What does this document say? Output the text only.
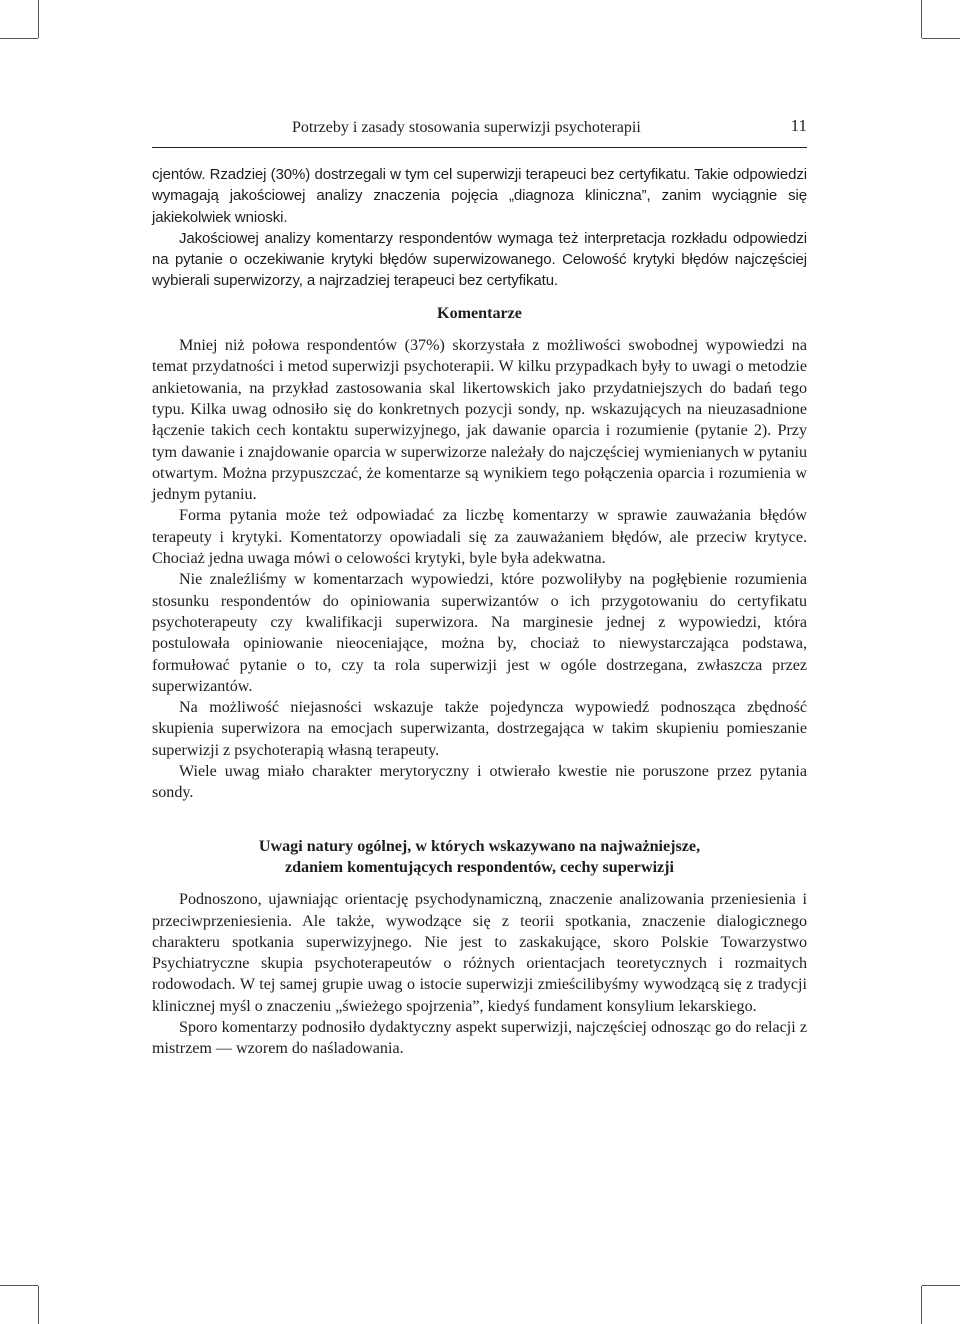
Potrzeby i zasady stosowania superwizji psychoterapii	11

cjentów. Rzadziej (30%) dostrzegali w tym cel superwizji terapeuci bez certyfikatu. Takie odpowiedzi wymagają jakościowej analizy znaczenia pojęcia „diagnoza kliniczna”, zanim wyciągnie się jakiekolwiek wnioski.

Jakościowej analizy komentarzy respondentów wymaga też interpretacja rozkładu odpowiedzi na pytanie o oczekiwanie krytyki błędów superwizowanego. Celowość krytyki błędów najczęściej wybierali superwizorzy, a najrzadziej terapeuci bez certyfikatu.

Komentarze

Mniej niż połowa respondentów (37%) skorzystała z możliwości swobodnej wypowiedzi na temat przydatności i metod superwizji psychoterapii. W kilku przypadkach były to uwagi o metodzie ankietowania, na przykład zastosowania skal likertowskich jako przydatniejszych do badań tego typu. Kilka uwag odnosiło się do konkretnych pozycji sondy, np. wskazujących na nieuzasadnione łączenie takich cech kontaktu superwizyjnego, jak dawanie oparcia i rozumienie (pytanie 2). Przy tym dawanie i znajdowanie oparcia w superwizorze należały do najczęściej wymienianych w pytaniu otwartym. Można przypuszczać, że komentarze są wynikiem tego połączenia oparcia i rozumienia w jednym pytaniu.

Forma pytania może też odpowiadać za liczbę komentarzy w sprawie zauważania błędów terapeuty i krytyki. Komentatorzy opowiadali się za zauważaniem błędów, ale przeciw krytyce. Chociaż jedna uwaga mówi o celowości krytyki, byle była adekwatna.

Nie znaleźliśmy w komentarzach wypowiedzi, które pozwoliłyby na pogłębienie rozumienia stosunku respondentów do opiniowania superwizantów o ich przygotowaniu do certyfikatu psychoterapeuty czy kwalifikacji superwizora. Na marginesie jednej z wypowiedzi, która postulowała opiniowanie nieoceniające, można by, chociaż to niewystarczająca podstawa, formułować pytanie o to, czy ta rola superwizji jest w ogóle dostrzegana, zwłaszcza przez superwizantów.

Na możliwość niejasności wskazuje także pojedyncza wypowiedź podnosząca zbędność skupienia superwizora na emocjach superwizanta, dostrzegająca w takim skupieniu pomieszanie superwizji z psychoterapią własną terapeuty.

Wiele uwag miało charakter merytoryczny i otwierało kwestie nie poruszone przez pytania sondy.

Uwagi natury ogólnej, w których wskazywano na najważniejsze,
zdaniem komentujących respondentów, cechy superwizji

Podnoszono, ujawniając orientację psychodynamiczną, znaczenie analizowania przeniesienia i przeciwprzeniesienia. Ale także, wywodzące się z teorii spotkania, znaczenie dialogicznego charakteru spotkania superwizyjnego. Nie jest to zaskakujące, skoro Polskie Towarzystwo Psychiatryczne skupia psychoterapeutów o różnych orientacjach teoretycznych i rozmaitych rodowodach. W tej samej grupie uwag o istocie superwizji zmieścilibyśmy wywodzącą się z tradycji klinicznej myśl o znaczeniu „świeżego spojrzenia”, kiedyś fundament konsylium lekarskiego.

Sporo komentarzy podnosiło dydaktyczny aspekt superwizji, najczęściej odnosząc go do relacji z mistrzem — wzorem do naśladowania.
